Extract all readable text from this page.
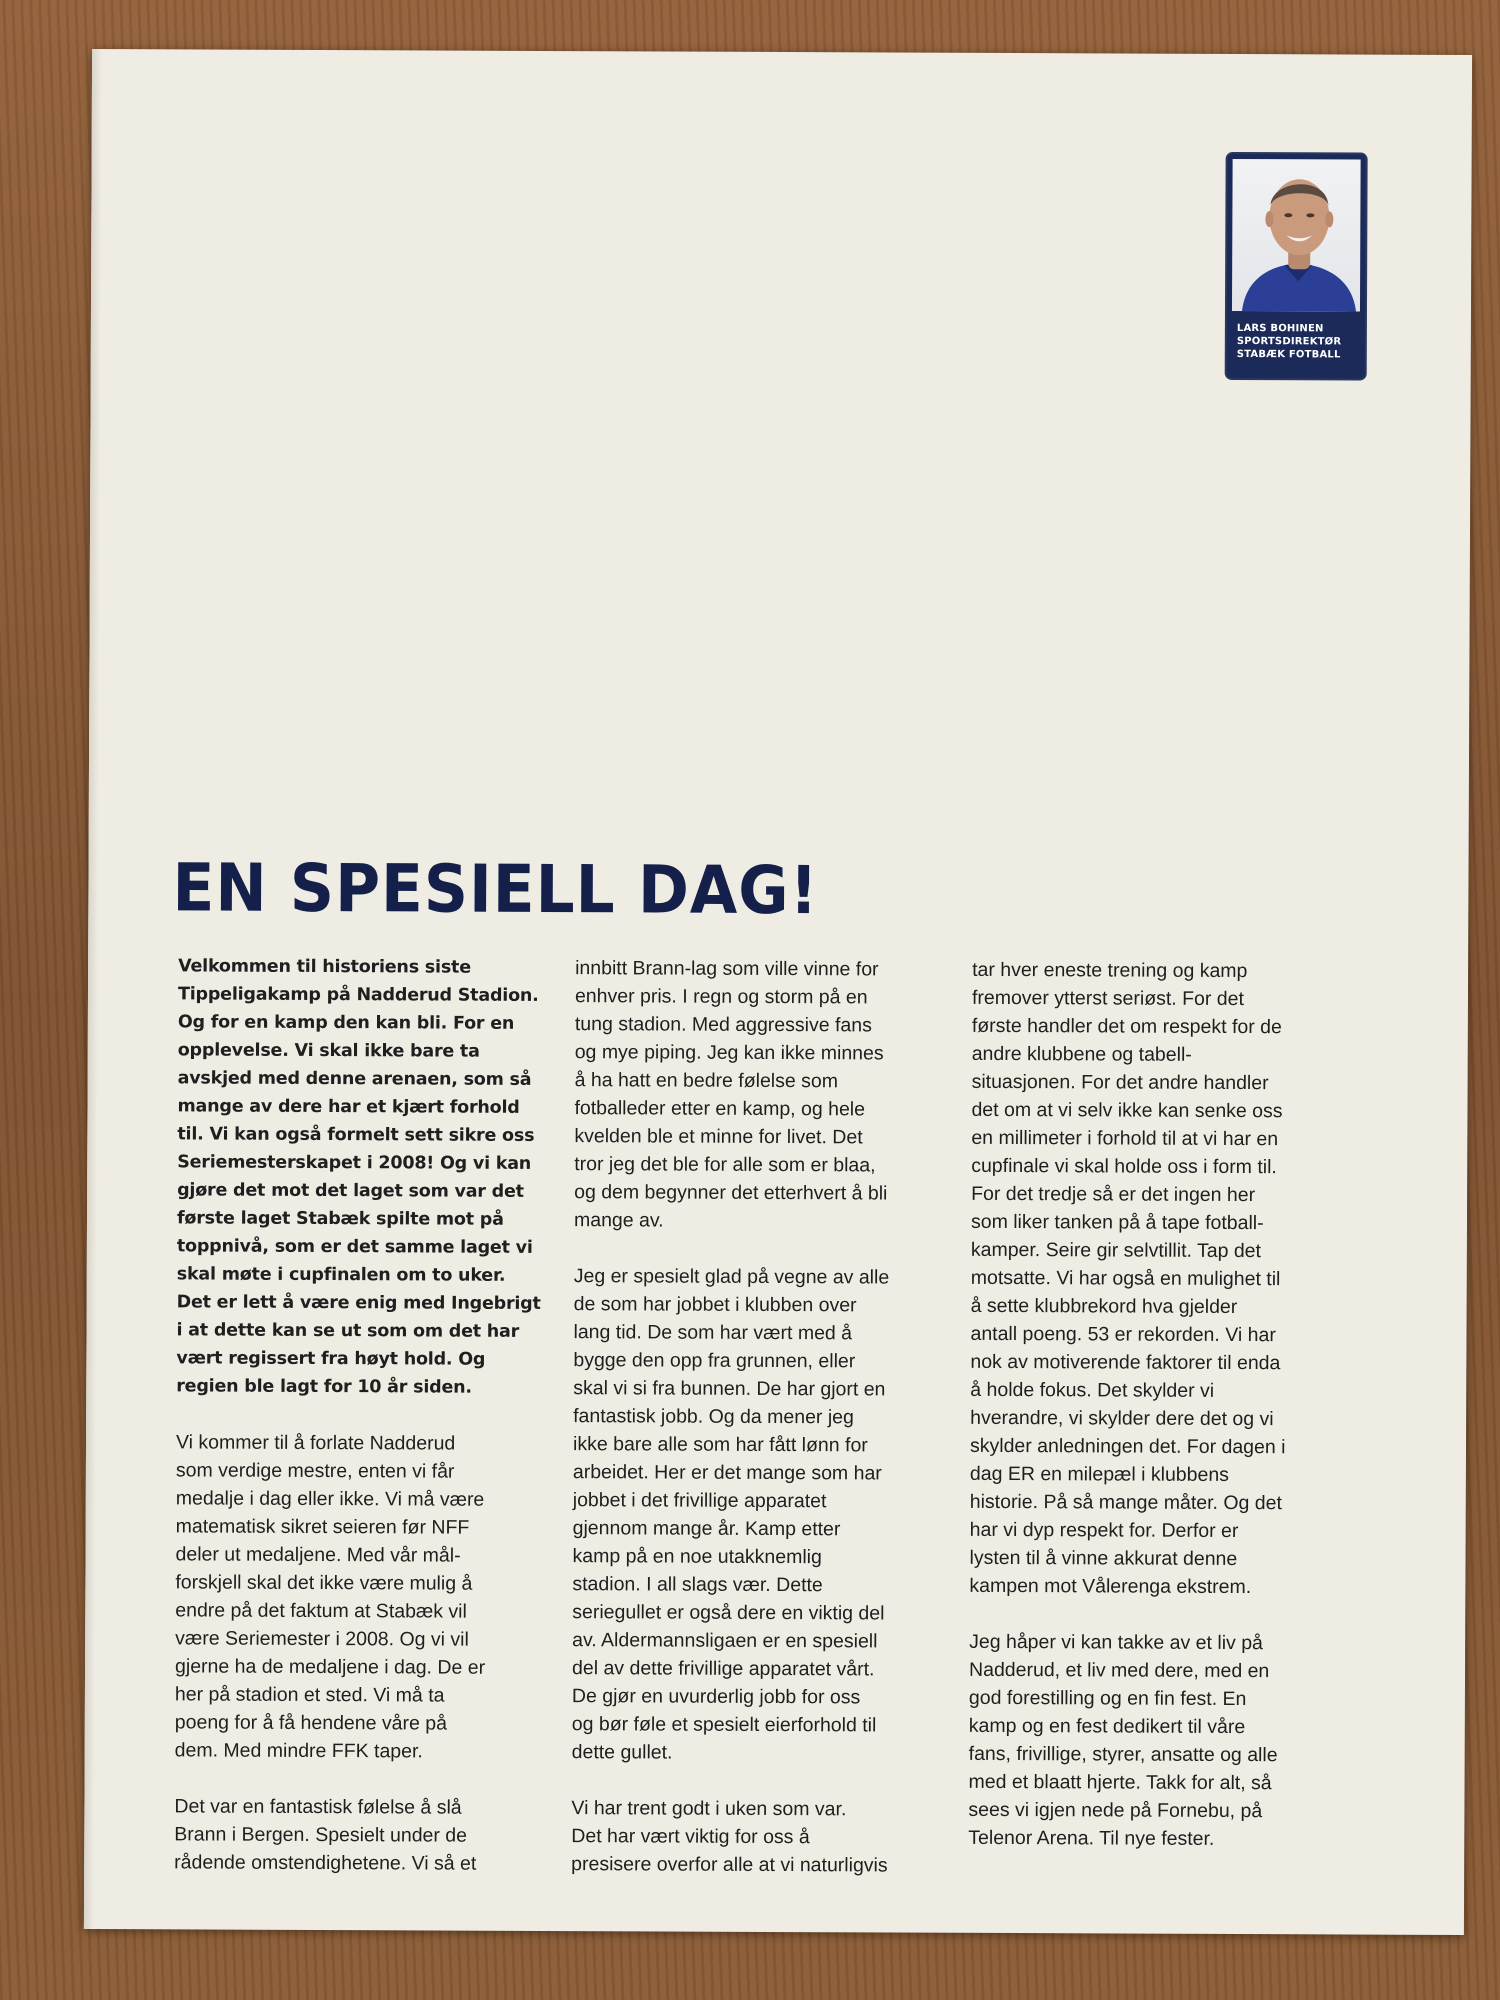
LARS BOHINEN
SPORTSDIREKTØR
STABÆK FOTBALL
EN SPESIELL DAG!

Velkommen til historiens siste
Tippeligakamp på Nadderud Stadion.
Og for en kamp den kan bli. For en
opplevelse. Vi skal ikke bare ta
avskjed med denne arenaen, som så
mange av dere har et kjært forhold
til. Vi kan også formelt sett sikre oss
Seriemesterskapet i 2008! Og vi kan
gjøre det mot det laget som var det
første laget Stabæk spilte mot på
toppnivå, som er det samme laget vi
skal møte i cupfinalen om to uker.
Det er lett å være enig med Ingebrigt
i at dette kan se ut som om det har
vært regissert fra høyt hold. Og
regien ble lagt for 10 år siden.

Vi kommer til å forlate Nadderud
som verdige mestre, enten vi får
medalje i dag eller ikke. Vi må være
matematisk sikret seieren før NFF
deler ut medaljene. Med vår mål-
forskjell skal det ikke være mulig å
endre på det faktum at Stabæk vil
være Seriemester i 2008. Og vi vil
gjerne ha de medaljene i dag. De er
her på stadion et sted. Vi må ta
poeng for å få hendene våre på
dem. Med mindre FFK taper.

Det var en fantastisk følelse å slå
Brann i Bergen. Spesielt under de
rådende omstendighetene. Vi så et

innbitt Brann-lag som ville vinne for
enhver pris. I regn og storm på en
tung stadion. Med aggressive fans
og mye piping. Jeg kan ikke minnes
å ha hatt en bedre følelse som
fotballeder etter en kamp, og hele
kvelden ble et minne for livet. Det
tror jeg det ble for alle som er blaa,
og dem begynner det etterhvert å bli
mange av.

Jeg er spesielt glad på vegne av alle
de som har jobbet i klubben over
lang tid. De som har vært med å
bygge den opp fra grunnen, eller
skal vi si fra bunnen. De har gjort en
fantastisk jobb. Og da mener jeg
ikke bare alle som har fått lønn for
arbeidet. Her er det mange som har
jobbet i det frivillige apparatet
gjennom mange år. Kamp etter
kamp på en noe utakknemlig
stadion. I all slags vær. Dette
seriegullet er også dere en viktig del
av. Aldermannsligaen er en spesiell
del av dette frivillige apparatet vårt.
De gjør en uvurderlig jobb for oss
og bør føle et spesielt eierforhold til
dette gullet.

Vi har trent godt i uken som var.
Det har vært viktig for oss å
presisere overfor alle at vi naturligvis

tar hver eneste trening og kamp
fremover ytterst seriøst. For det
første handler det om respekt for de
andre klubbene og tabell-
situasjonen. For det andre handler
det om at vi selv ikke kan senke oss
en millimeter i forhold til at vi har en
cupfinale vi skal holde oss i form til.
For det tredje så er det ingen her
som liker tanken på å tape fotball-
kamper. Seire gir selvtillit. Tap det
motsatte. Vi har også en mulighet til
å sette klubbrekord hva gjelder
antall poeng. 53 er rekorden. Vi har
nok av motiverende faktorer til enda
å holde fokus. Det skylder vi
hverandre, vi skylder dere det og vi
skylder anledningen det. For dagen i
dag ER en milepæl i klubbens
historie. På så mange måter. Og det
har vi dyp respekt for. Derfor er
lysten til å vinne akkurat denne
kampen mot Vålerenga ekstrem.

Jeg håper vi kan takke av et liv på
Nadderud, et liv med dere, med en
god forestilling og en fin fest. En
kamp og en fest dedikert til våre
fans, frivillige, styrer, ansatte og alle
med et blaatt hjerte. Takk for alt, så
sees vi igjen nede på Fornebu, på
Telenor Arena. Til nye fester.
